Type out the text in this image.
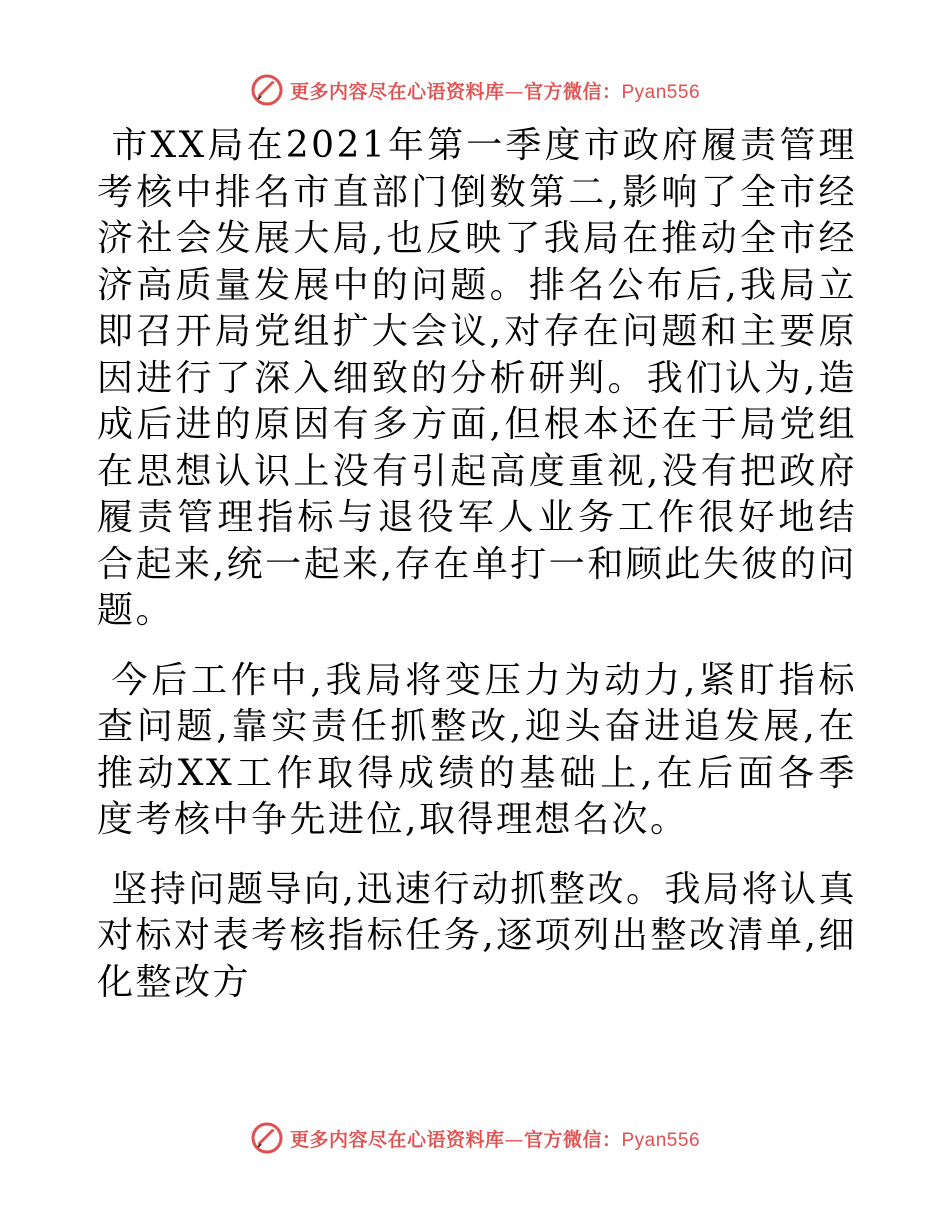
更多内容尽在心语资料库—官方微信：Pyan556

市XX局在2021年第一季度市政府履责管理考核中排名市直部门倒数第二,影响了全市经济社会发展大局,也反映了我局在推动全市经济高质量发展中的问题。排名公布后,我局立即召开局党组扩大会议,对存在问题和主要原因进行了深入细致的分析研判。我们认为,造成后进的原因有多方面,但根本还在于局党组在思想认识上没有引起高度重视,没有把政府履责管理指标与退役军人业务工作很好地结合起来,统一起来,存在单打一和顾此失彼的问题。

今后工作中,我局将变压力为动力,紧盯指标查问题,靠实责任抓整改,迎头奋进追发展,在推动XX工作取得成绩的基础上,在后面各季度考核中争先进位,取得理想名次。

坚持问题导向,迅速行动抓整改。我局将认真对标对表考核指标任务,逐项列出整改清单,细化整改方

更多内容尽在心语资料库—官方微信：Pyan556
